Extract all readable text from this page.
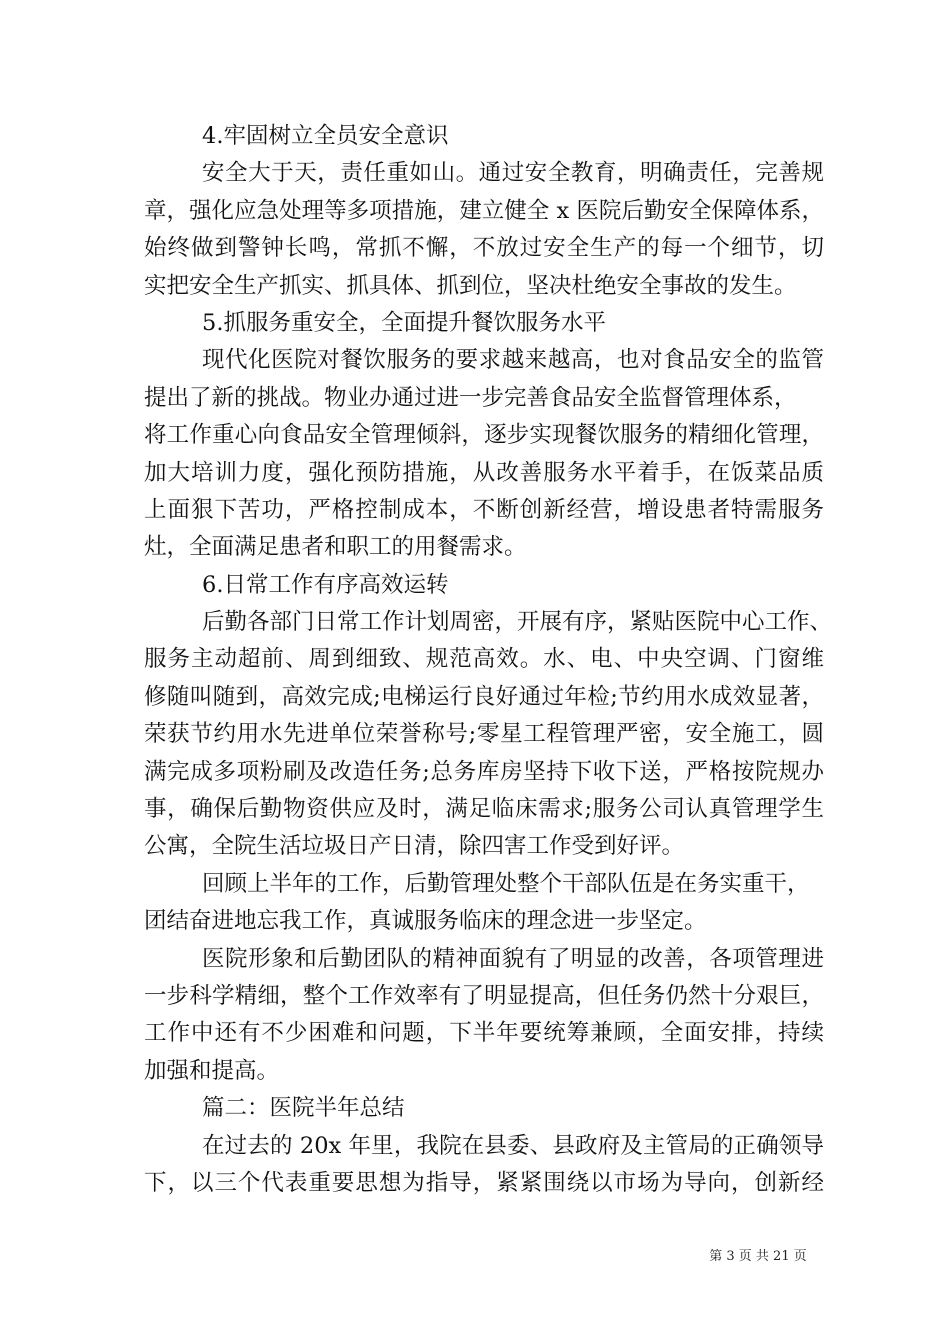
4.牢固树立全员安全意识
安全大于天，责任重如山。通过安全教育，明确责任，完善规
章，强化应急处理等多项措施，建立健全 x 医院后勤安全保障体系，
始终做到警钟长鸣，常抓不懈，不放过安全生产的每一个细节，切
实把安全生产抓实、抓具体、抓到位，坚决杜绝安全事故的发生。
5.抓服务重安全，全面提升餐饮服务水平
现代化医院对餐饮服务的要求越来越高，也对食品安全的监管
提出了新的挑战。物业办通过进一步完善食品安全监督管理体系，
将工作重心向食品安全管理倾斜，逐步实现餐饮服务的精细化管理，
加大培训力度，强化预防措施，从改善服务水平着手，在饭菜品质
上面狠下苦功，严格控制成本，不断创新经营，增设患者特需服务
灶，全面满足患者和职工的用餐需求。
6.日常工作有序高效运转
后勤各部门日常工作计划周密，开展有序，紧贴医院中心工作、
服务主动超前、周到细致、规范高效。水、电、中央空调、门窗维
修随叫随到，高效完成;电梯运行良好通过年检;节约用水成效显著，
荣获节约用水先进单位荣誉称号;零星工程管理严密，安全施工，圆
满完成多项粉刷及改造任务;总务库房坚持下收下送，严格按院规办
事，确保后勤物资供应及时，满足临床需求;服务公司认真管理学生
公寓，全院生活垃圾日产日清，除四害工作受到好评。
回顾上半年的工作，后勤管理处整个干部队伍是在务实重干，
团结奋进地忘我工作，真诚服务临床的理念进一步坚定。
医院形象和后勤团队的精神面貌有了明显的改善，各项管理进
一步科学精细，整个工作效率有了明显提高，但任务仍然十分艰巨，
工作中还有不少困难和问题，下半年要统筹兼顾，全面安排，持续
加强和提高。
篇二：医院半年总结
在过去的 20x 年里，我院在县委、县政府及主管局的正确领导
下，以三个代表重要思想为指导，紧紧围绕以市场为导向，创新经
第 3 页 共 21 页
